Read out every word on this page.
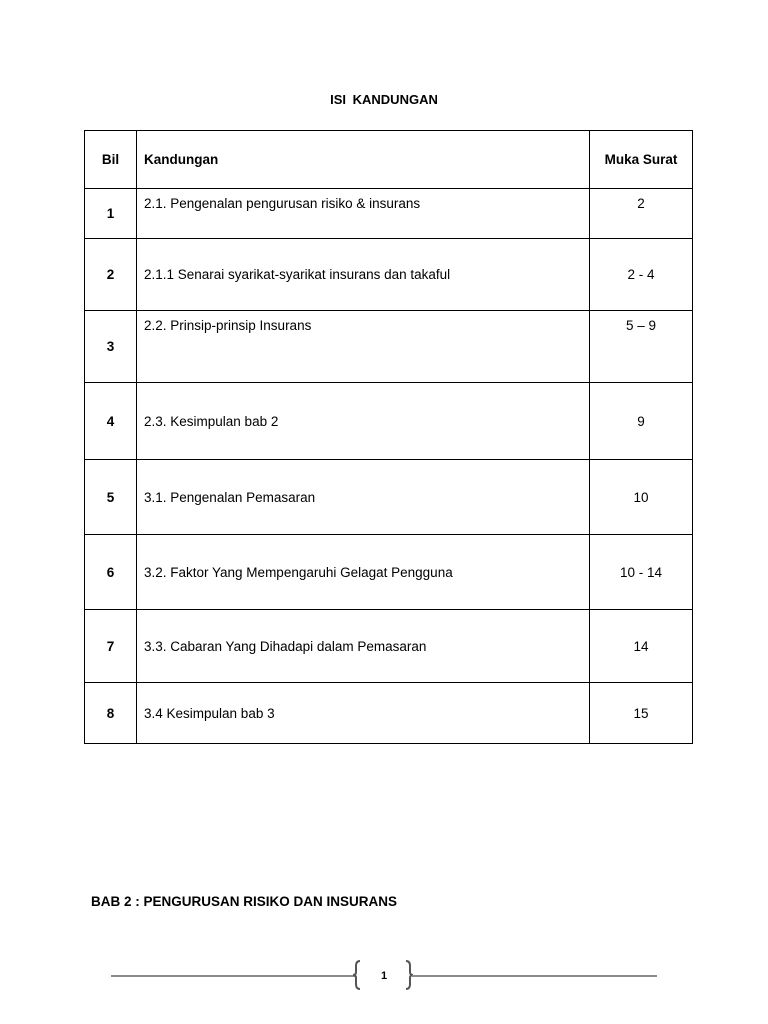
ISI KANDUNGAN
Bil	Kandungan	Muka Surat
1	2.1. Pengenalan pengurusan risiko & insurans	2
2	2.1.1 Senarai syarikat-syarikat insurans dan takaful	2 - 4
3	2.2. Prinsip-prinsip Insurans	5 – 9
4	2.3. Kesimpulan bab 2	9
5	3.1. Pengenalan Pemasaran	10
6	3.2. Faktor Yang Mempengaruhi Gelagat Pengguna	10 - 14
7	3.3. Cabaran Yang Dihadapi dalam Pemasaran	14
8	3.4 Kesimpulan bab 3	15
BAB 2 : PENGURUSAN RISIKO DAN INSURANS
1
